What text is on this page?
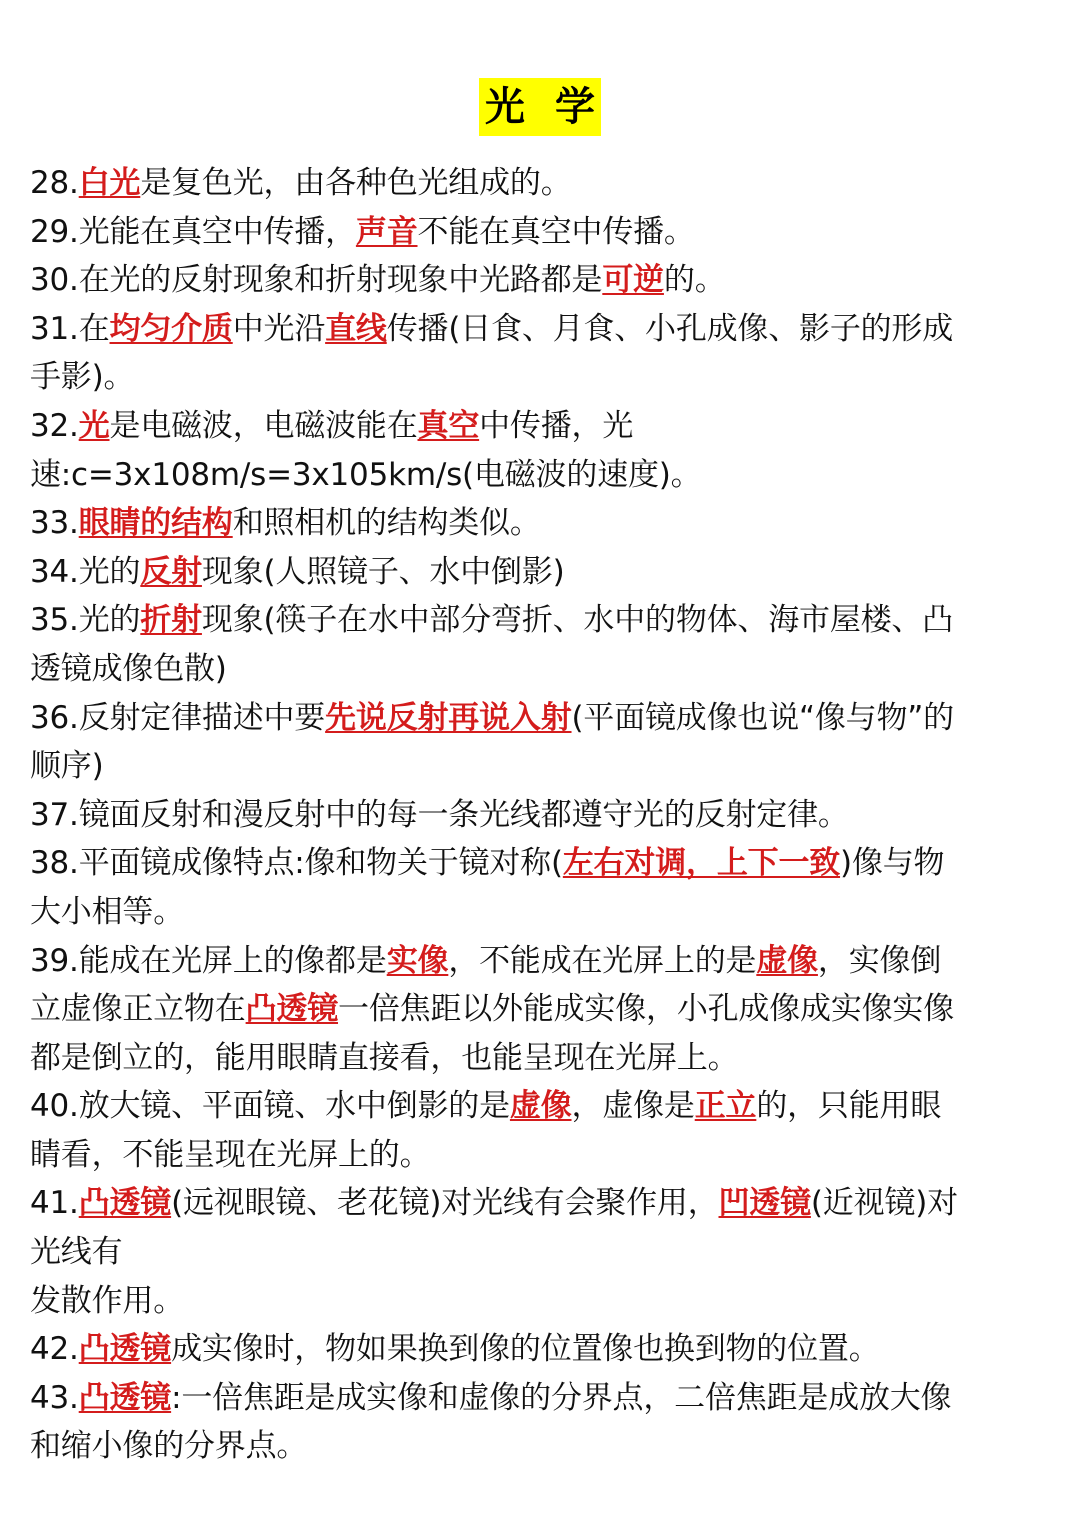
光学
28.白光是复色光，由各种色光组成的。
29.光能在真空中传播，声音不能在真空中传播。
30.在光的反射现象和折射现象中光路都是可逆的。
31.在均匀介质中光沿直线传播(日食、月食、小孔成像、影子的形成
手影)。
32.光是电磁波，电磁波能在真空中传播，光
速:c=3x108m/s=3x105km/s(电磁波的速度)。
33.眼睛的结构和照相机的结构类似。
34.光的反射现象(人照镜子、水中倒影)
35.光的折射现象(筷子在水中部分弯折、水中的物体、海市屋楼、凸
透镜成像色散)
36.反射定律描述中要先说反射再说入射(平面镜成像也说“像与物”的
顺序)
37.镜面反射和漫反射中的每一条光线都遵守光的反射定律。
38.平面镜成像特点:像和物关于镜对称(左右对调，上下一致)像与物
大小相等。
39.能成在光屏上的像都是实像，不能成在光屏上的是虚像，实像倒
立虚像正立物在凸透镜一倍焦距以外能成实像，小孔成像成实像实像
都是倒立的，能用眼睛直接看，也能呈现在光屏上。
40.放大镜、平面镜、水中倒影的是虚像，虚像是正立的，只能用眼
睛看，不能呈现在光屏上的。
41.凸透镜(远视眼镜、老花镜)对光线有会聚作用，凹透镜(近视镜)对
光线有
发散作用。
42.凸透镜成实像时，物如果换到像的位置像也换到物的位置。
43.凸透镜:一倍焦距是成实像和虚像的分界点，二倍焦距是成放大像
和缩小像的分界点。
